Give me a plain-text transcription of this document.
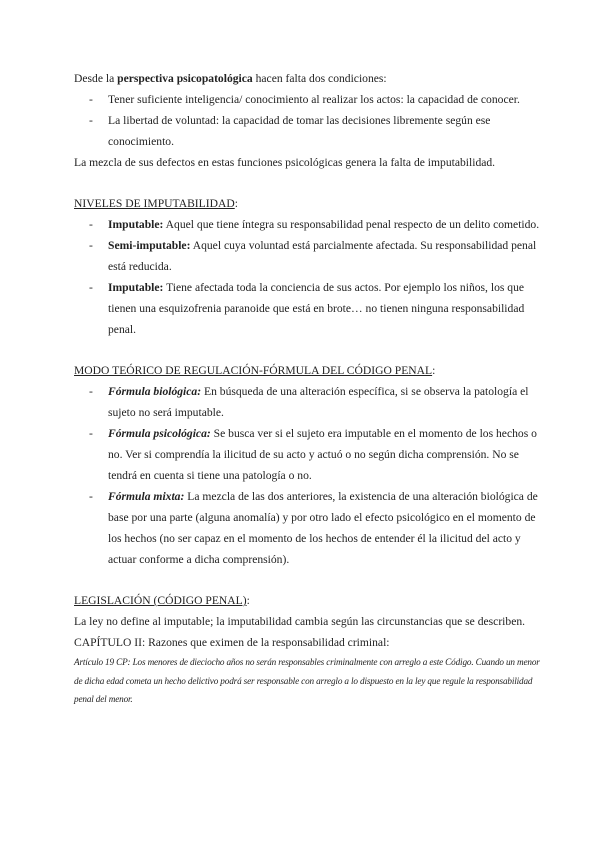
Desde la perspectiva psicopatológica hacen falta dos condiciones:

- Tener suficiente inteligencia/ conocimiento al realizar los actos: la capacidad de conocer.
- La libertad de voluntad: la capacidad de tomar las decisiones libremente según ese conocimiento.

La mezcla de sus defectos en estas funciones psicológicas genera la falta de imputabilidad.

NIVELES DE IMPUTABILIDAD:

- Imputable: Aquel que tiene íntegra su responsabilidad penal respecto de un delito cometido.
- Semi-imputable: Aquel cuya voluntad está parcialmente afectada. Su responsabilidad penal está reducida.
- Imputable: Tiene afectada toda la conciencia de sus actos. Por ejemplo los niños, los que tienen una esquizofrenia paranoide que está en brote… no tienen ninguna responsabilidad penal.

MODO TEÓRICO DE REGULACIÓN-FÓRMULA DEL CÓDIGO PENAL:

- Fórmula biológica: En búsqueda de una alteración específica, si se observa la patología el sujeto no será imputable.
- Fórmula psicológica: Se busca ver si el sujeto era imputable en el momento de los hechos o no. Ver si comprendía la ilicitud de su acto y actuó o no según dicha comprensión. No se tendrá en cuenta si tiene una patología o no.
- Fórmula mixta: La mezcla de las dos anteriores, la existencia de una alteración biológica de base por una parte (alguna anomalía) y por otro lado el efecto psicológico en el momento de los hechos (no ser capaz en el momento de los hechos de entender él la ilicitud del acto y actuar conforme a dicha comprensión).

LEGISLACIÓN (CÓDIGO PENAL):

La ley no define al imputable; la imputabilidad cambia según las circunstancias que se describen.

CAPÍTULO II: Razones que eximen de la responsabilidad criminal:

Artículo 19 CP: Los menores de dieciocho años no serán responsables criminalmente con arreglo a este Código. Cuando un menor de dicha edad cometa un hecho delictivo podrá ser responsable con arreglo a lo dispuesto en la ley que regule la responsabilidad penal del menor.
